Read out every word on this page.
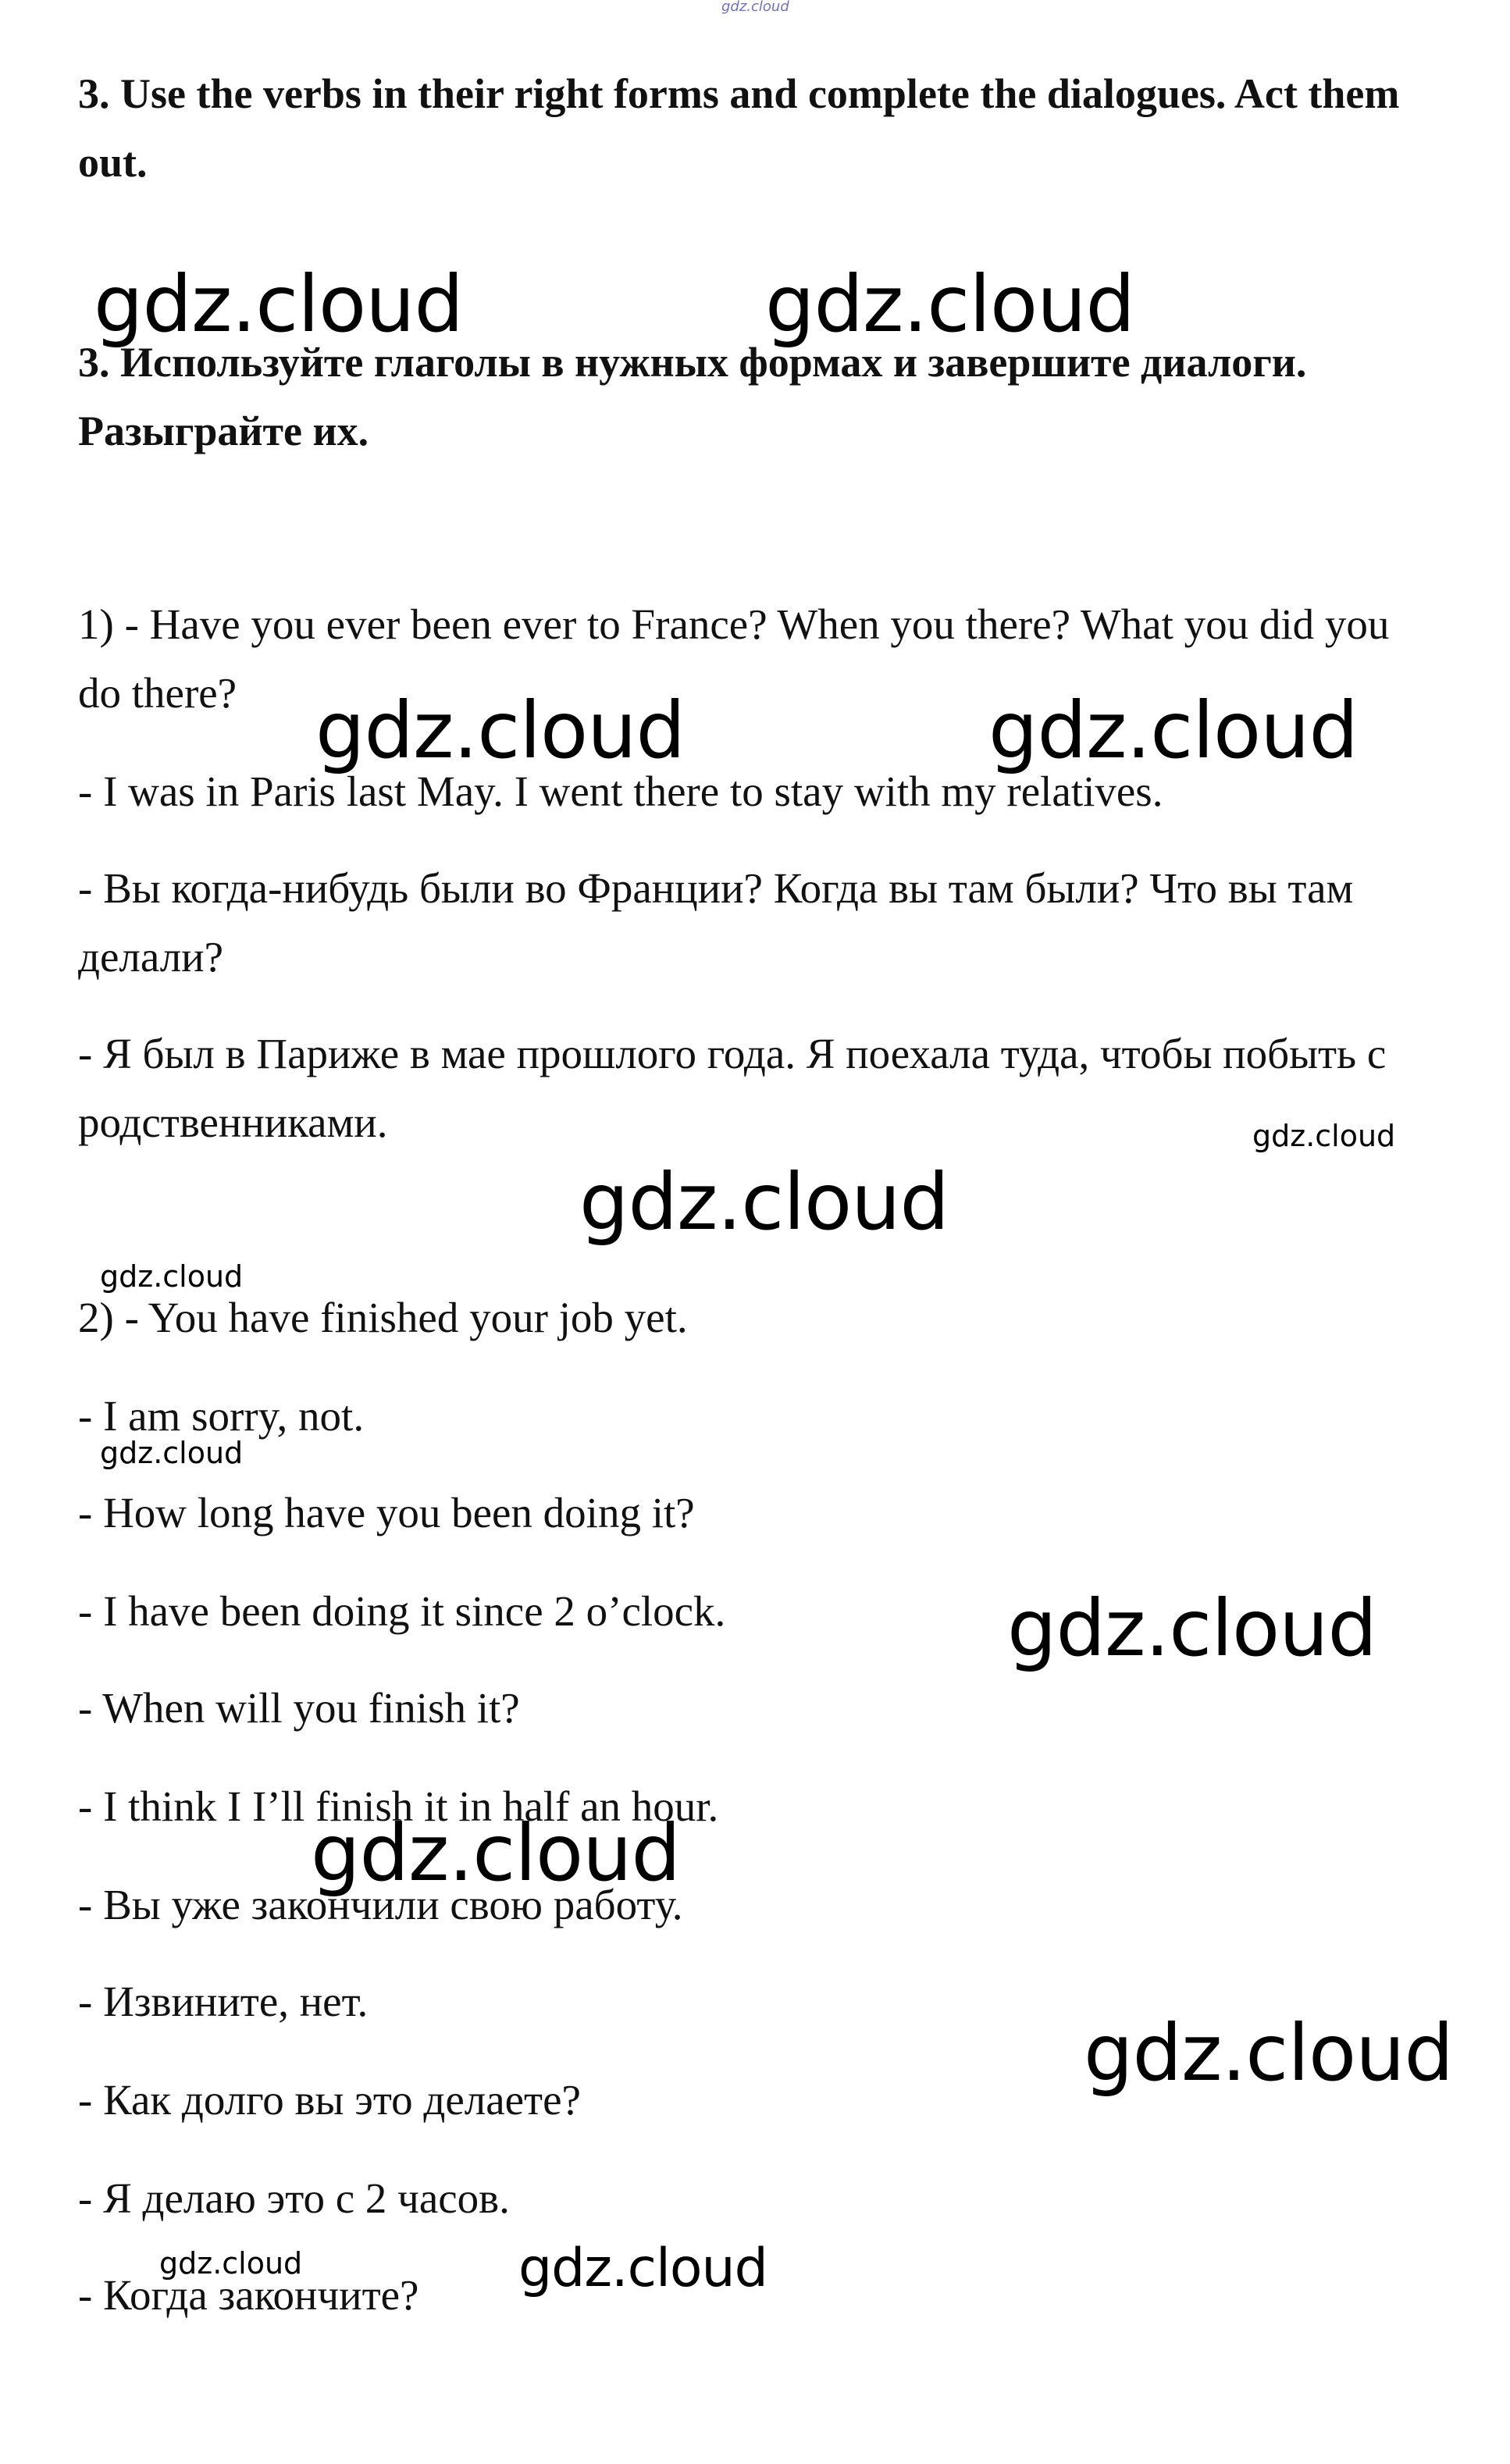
gdz.cloud
3. Use the verbs in their right forms and complete the dialogues. Act them out.
gdz.cloud	gdz.cloud
3. Используйте глаголы в нужных формах и завершите диалоги. Разыграйте их.
1) - Have you ever been ever to France? When you there? What you did you do there?	gdz.cloud	gdz.cloud
- I was in Paris last May. I went there to stay with my relatives.
- Вы когда-нибудь были во Франции? Когда вы там были? Что вы там делали?
- Я был в Париже в мае прошлого года. Я поехала туда, чтобы побыть с родственниками.	gdz.cloud
gdz.cloud
gdz.cloud
2) - You have finished your job yet.
- I am sorry, not.
gdz.cloud
- How long have you been doing it?
- I have been doing it since 2 o’clock.	gdz.cloud
- When will you finish it?
- I think I I’ll finish it in half an hour.
gdz.cloud
- Вы уже закончили свою работу.
- Извините, нет.
gdz.cloud
- Как долго вы это делаете?
- Я делаю это с 2 часов.
gdz.cloud	gdz.cloud
- Когда закончите?
